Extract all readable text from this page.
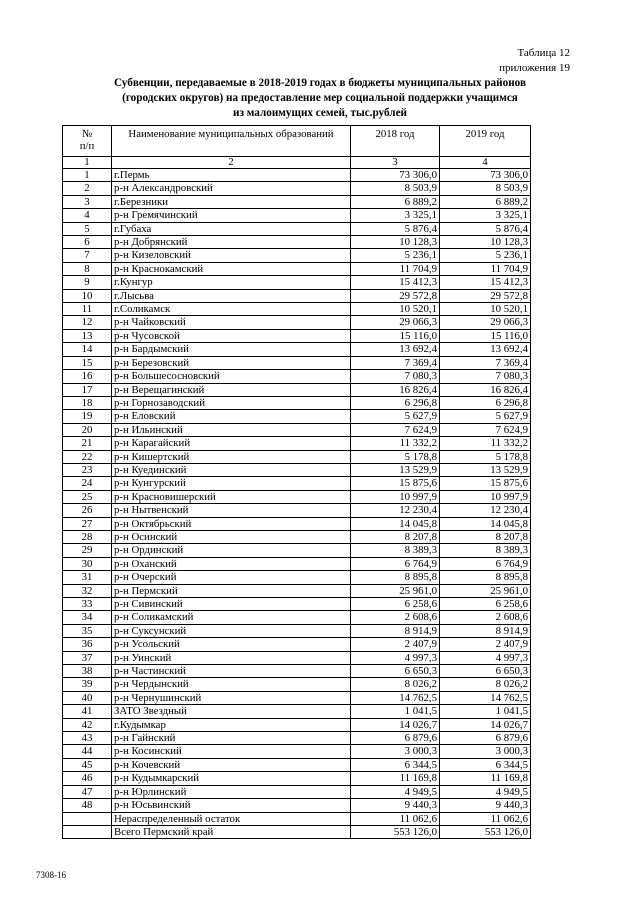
Таблица 12
приложения 19
Субвенции, передаваемые в 2018-2019 годах в бюджеты муниципальных районов
(городских округов) на предоставление мер социальной поддержки учащимся
из малоимущих семей, тыс.рублей
№
п/п	Наименование муниципальных образований	2018 год	2019 год
1	2	3	4
1	г.Пермь	73 306,0	73 306,0
2	р-н Александровский	8 503,9	8 503,9
3	г.Березники	6 889,2	6 889,2
4	р-н Гремячинский	3 325,1	3 325,1
5	г.Губаха	5 876,4	5 876,4
6	р-н Добрянский	10 128,3	10 128,3
7	р-н Кизеловский	5 236,1	5 236,1
8	р-н Краснокамский	11 704,9	11 704,9
9	г.Кунгур	15 412,3	15 412,3
10	г.Лысьва	29 572,8	29 572,8
11	г.Соликамск	10 520,1	10 520,1
12	р-н Чайковский	29 066,3	29 066,3
13	р-н Чусовской	15 116,0	15 116,0
14	р-н Бардымский	13 692,4	13 692,4
15	р-н Березовский	7 369,4	7 369,4
16	р-н Большесосновский	7 080,3	7 080,3
17	р-н Верещагинский	16 826,4	16 826,4
18	р-н Горнозаводский	6 296,8	6 296,8
19	р-н Еловский	5 627,9	5 627,9
20	р-н Ильинский	7 624,9	7 624,9
21	р-н Карагайский	11 332,2	11 332,2
22	р-н Кишертский	5 178,8	5 178,8
23	р-н Куединский	13 529,9	13 529,9
24	р-н Кунгурский	15 875,6	15 875,6
25	р-н Красновишерский	10 997,9	10 997,9
26	р-н Нытвенский	12 230,4	12 230,4
27	р-н Октябрьский	14 045,8	14 045,8
28	р-н Осинский	8 207,8	8 207,8
29	р-н Ординский	8 389,3	8 389,3
30	р-н Оханский	6 764,9	6 764,9
31	р-н Очерский	8 895,8	8 895,8
32	р-н Пермский	25 961,0	25 961,0
33	р-н Сивинский	6 258,6	6 258,6
34	р-н Соликамский	2 608,6	2 608,6
35	р-н Суксунский	8 914,9	8 914,9
36	р-н Усольский	2 407,9	2 407,9
37	р-н Уинский	4 997,3	4 997,3
38	р-н Частинский	6 650,3	6 650,3
39	р-н Чердынский	8 026,2	8 026,2
40	р-н Чернушинский	14 762,5	14 762,5
41	ЗАТО Звездный	1 041,5	1 041,5
42	г.Кудымкар	14 026,7	14 026,7
43	р-н Гайнский	6 879,6	6 879,6
44	р-н Косинский	3 000,3	3 000,3
45	р-н Кочевский	6 344,5	6 344,5
46	р-н Кудымкарский	11 169,8	11 169,8
47	р-н Юрлинский	4 949,5	4 949,5
48	р-н Юсьвинский	9 440,3	9 440,3
	Нераспределенный остаток	11 062,6	11 062,6
	Всего Пермский край	553 126,0	553 126,0
7308-16
